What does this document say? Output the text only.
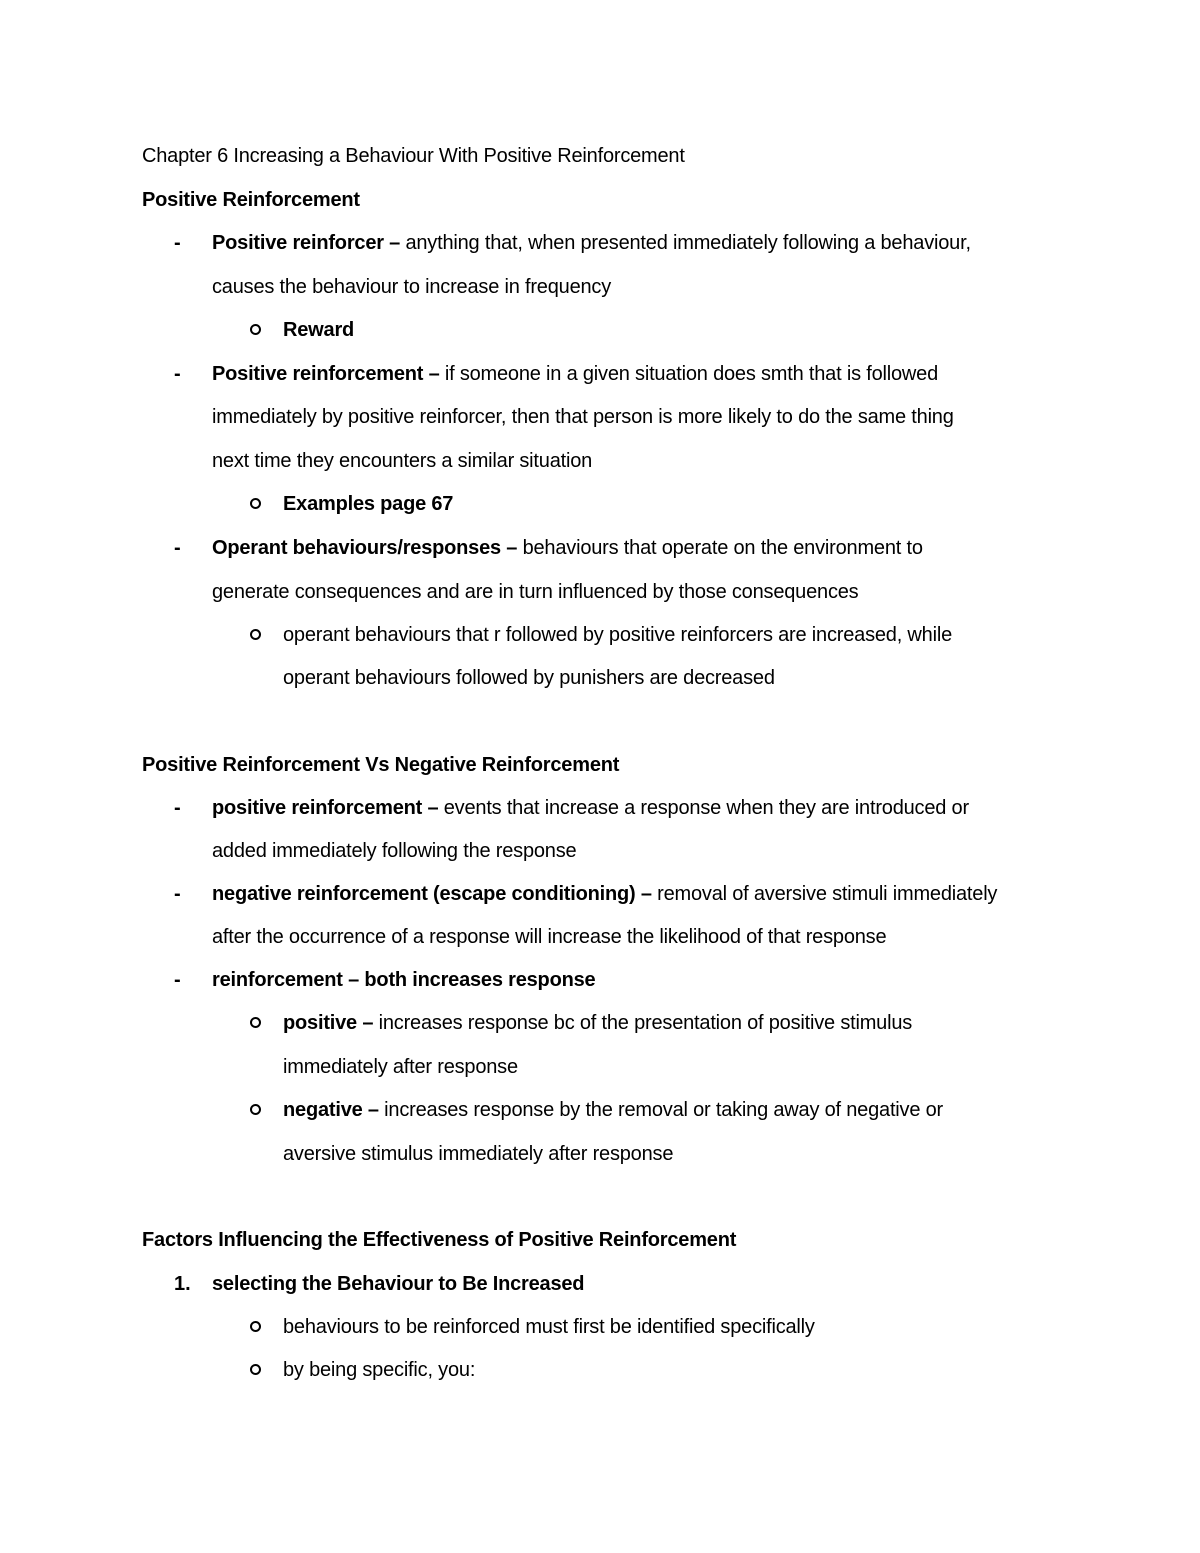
Chapter 6 Increasing a Behaviour With Positive Reinforcement
Positive Reinforcement
- Positive reinforcer – anything that, when presented immediately following a behaviour,
causes the behaviour to increase in frequency
Reward
- Positive reinforcement – if someone in a given situation does smth that is followed
immediately by positive reinforcer, then that person is more likely to do the same thing
next time they encounters a similar situation
Examples page 67
- Operant behaviours/responses – behaviours that operate on the environment to
generate consequences and are in turn influenced by those consequences
operant behaviours that r followed by positive reinforcers are increased, while
operant behaviours followed by punishers are decreased
Positive Reinforcement Vs Negative Reinforcement
- positive reinforcement – events that increase a response when they are introduced or
added immediately following the response
- negative reinforcement (escape conditioning) – removal of aversive stimuli immediately
after the occurrence of a response will increase the likelihood of that response
- reinforcement – both increases response
positive – increases response bc of the presentation of positive stimulus
immediately after response
negative – increases response by the removal or taking away of negative or
aversive stimulus immediately after response
Factors Influencing the Effectiveness of Positive Reinforcement
1. selecting the Behaviour to Be Increased
behaviours to be reinforced must first be identified specifically
by being specific, you:
